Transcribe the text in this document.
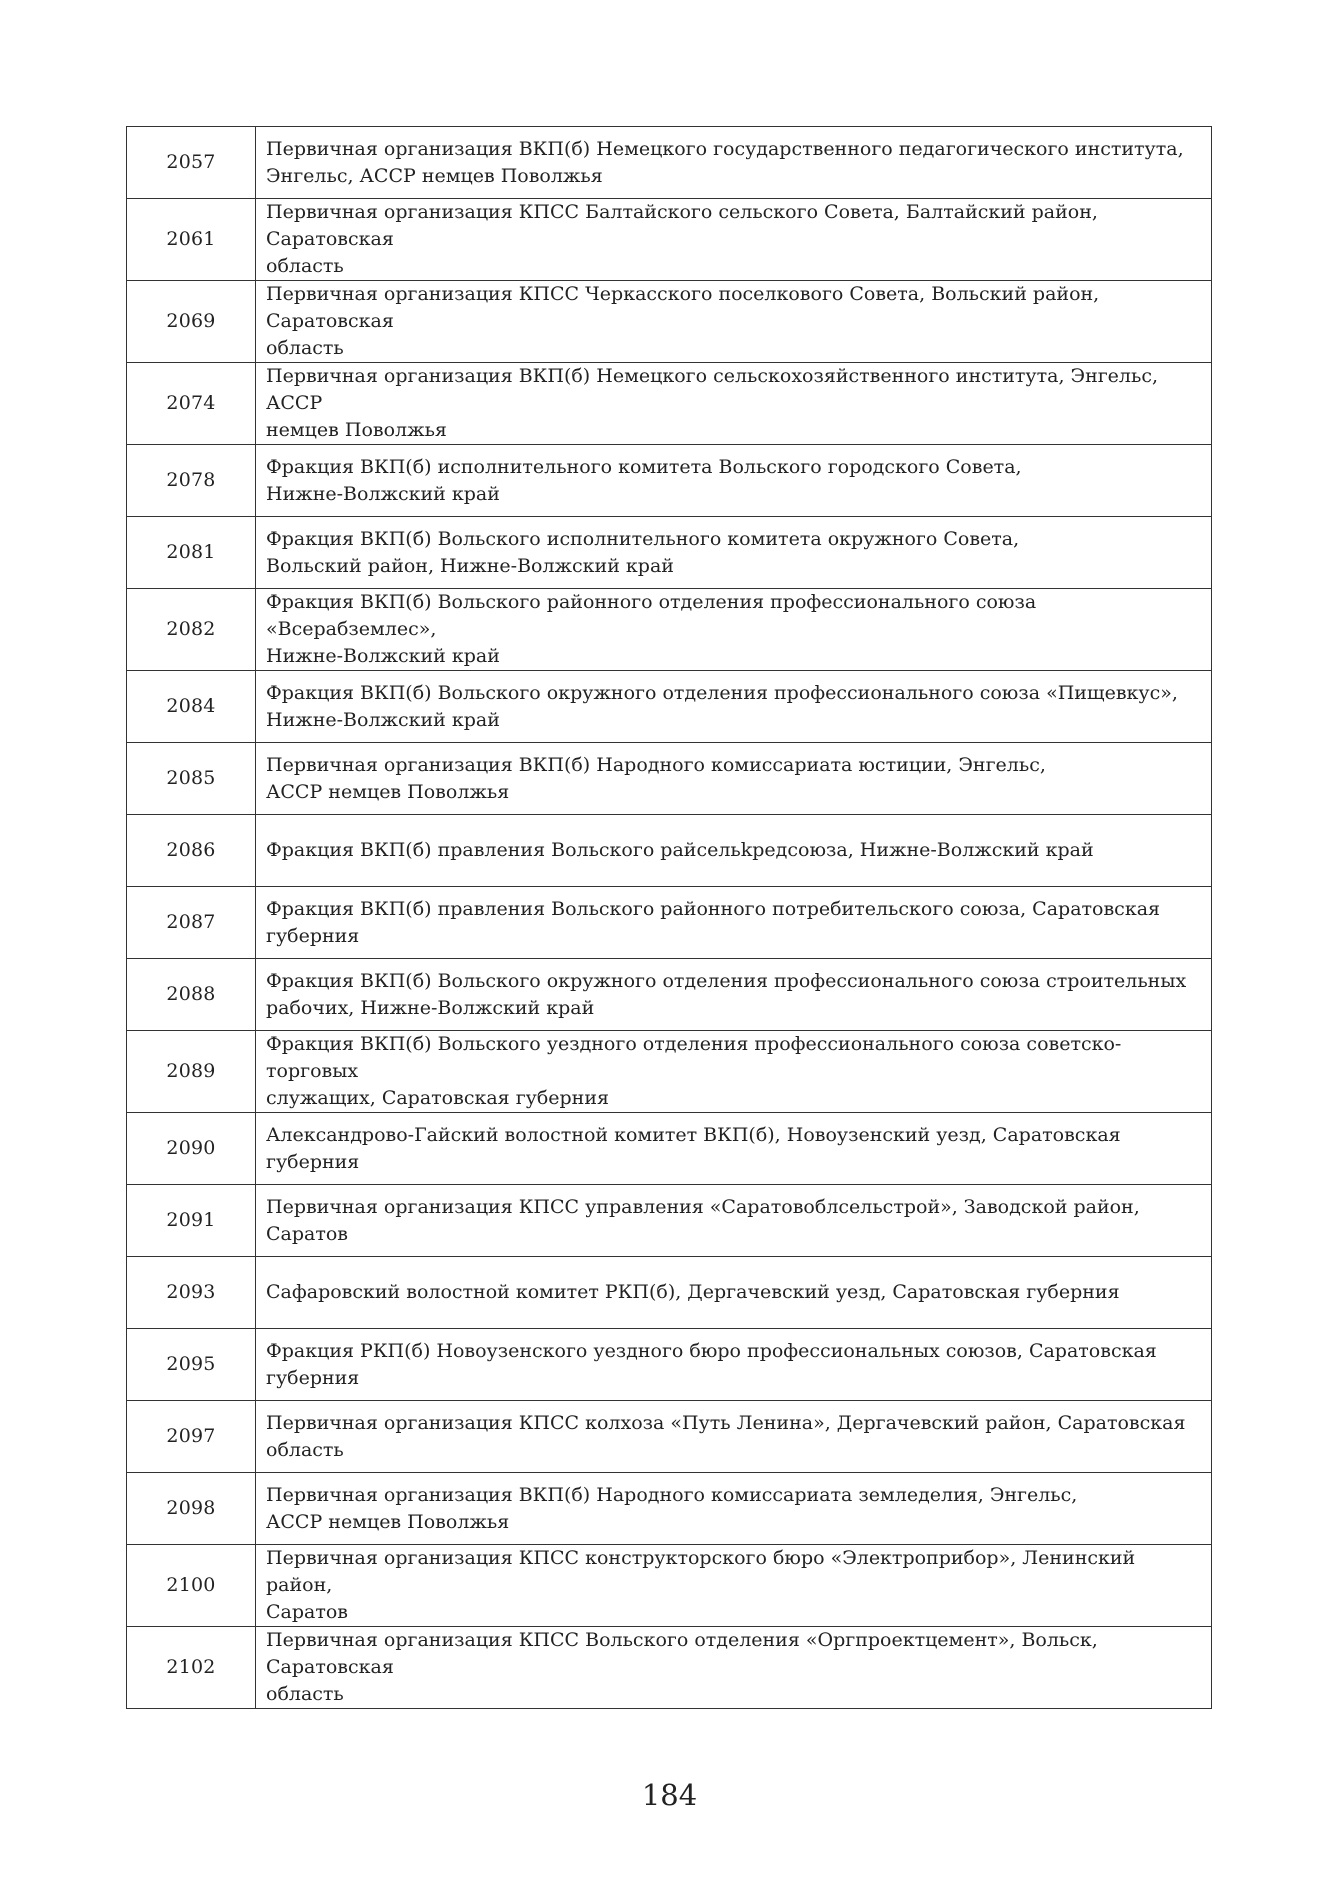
2057	Первичная организация ВКП(б) Немецкого государственного педагогического института,
Энгельс, АССР немцев Поволжья
2061	Первичная организация КПСС Балтайского сельского Совета, Балтайский район, Саратовская
область
2069	Первичная организация КПСС Черкасского поселкового Совета, Вольский район, Саратовская
область
2074	Первичная организация ВКП(б) Немецкого сельскохозяйственного института, Энгельс, АССР
немцев Поволжья
2078	Фракция ВКП(б) исполнительного комитета Вольского городского Совета,
Нижне-Волжский край
2081	Фракция ВКП(б) Вольского исполнительного комитета окружного Совета,
Вольский район, Нижне-Волжский край
2082	Фракция ВКП(б) Вольского районного отделения профессионального союза «Всерабземлес»,
Нижне-Волжский край
2084	Фракция ВКП(б) Вольского окружного отделения профессионального союза «Пищевкус»,
Нижне-Волжский край
2085	Первичная организация ВКП(б) Народного комиссариата юстиции, Энгельс,
АССР немцев Поволжья
2086	Фракция ВКП(б) правления Вольского райсельkредсоюза, Нижне-Волжский край
2087	Фракция ВКП(б) правления Вольского районного потребительского союза, Саратовская
губерния
2088	Фракция ВКП(б) Вольского окружного отделения профессионального союза строительных
рабочих, Нижне-Волжский край
2089	Фракция ВКП(б) Вольского уездного отделения профессионального союза советско-торговых
служащих, Саратовская губерния
2090	Александрово-Гайский волостной комитет ВКП(б), Новоузенский уезд, Саратовская губерния
2091	Первичная организация КПСС управления «Саратовоблсельстрой», Заводской район, Саратов
2093	Сафаровский волостной комитет РКП(б), Дергачевский уезд, Саратовская губерния
2095	Фракция РКП(б) Новоузенского уездного бюро профессиональных союзов, Саратовская
губерния
2097	Первичная организация КПСС колхоза «Путь Ленина», Дергачевский район, Саратовская
область
2098	Первичная организация ВКП(б) Народного комиссариата земледелия, Энгельс,
АССР немцев Поволжья
2100	Первичная организация КПСС конструкторского бюро «Электроприбор», Ленинский район,
Саратов
2102	Первичная организация КПСС Вольского отделения «Оргпроектцемент», Вольск, Саратовская
область
184
